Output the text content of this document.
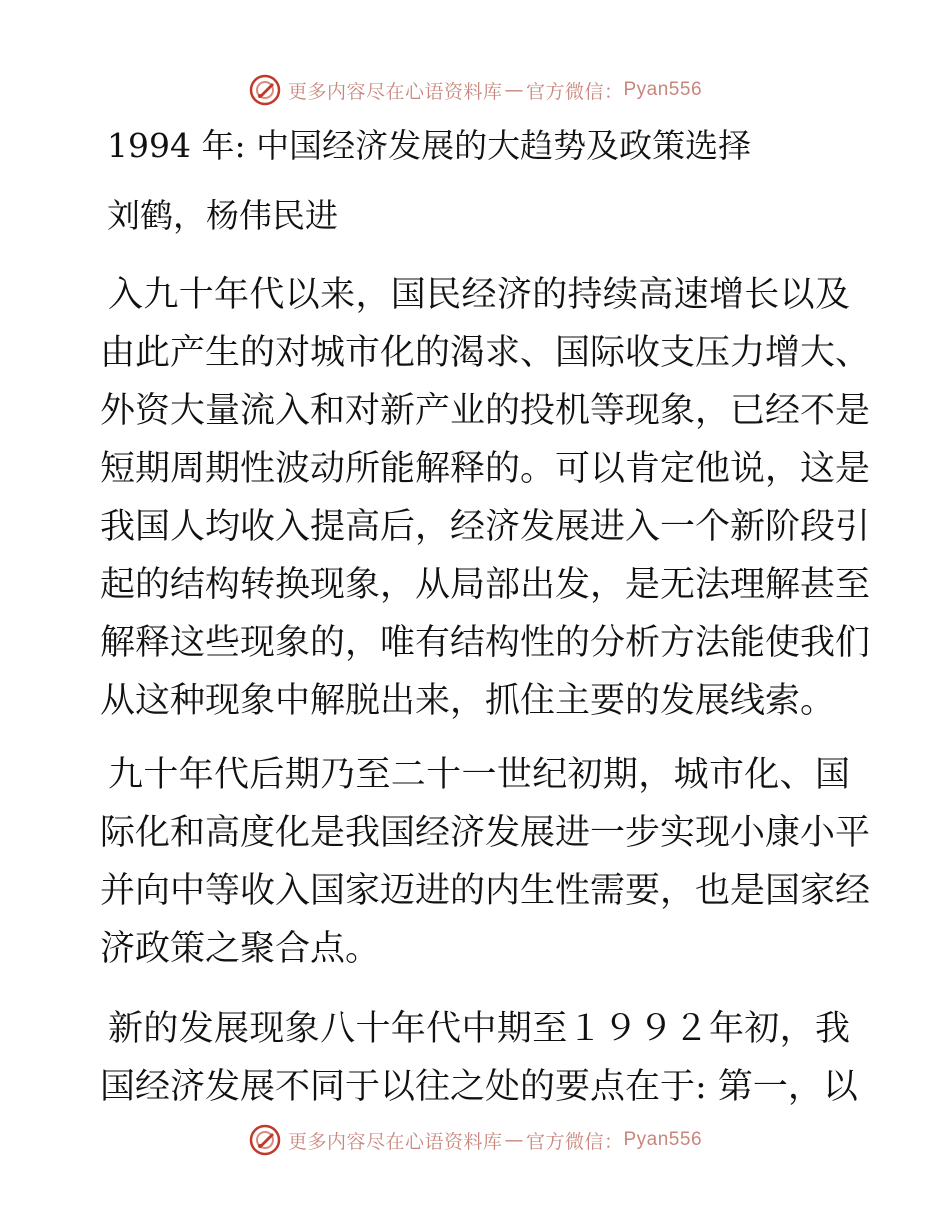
更多内容尽在心语资料库 — 官方微信： Pyan556
1994 年: 中国经济发展的大趋势及政策选择

刘鹤，杨伟民进

入九十年代以来，国民经济的持续高速增长以及
由此产生的对城市化的渴求、国际收支压力增大、
外资大量流入和对新产业的投机等现象，已经不是
短期周期性波动所能解释的。可以肯定他说，这是
我国人均收入提高后，经济发展进入一个新阶段引
起的结构转换现象，从局部出发，是无法理解甚至
解释这些现象的，唯有结构性的分析方法能使我们
从这种现象中解脱出来，抓住主要的发展线索。

九十年代后期乃至二十一世纪初期，城市化、国
际化和高度化是我国经济发展进一步实现小康小平
并向中等收入国家迈进的内生性需要，也是国家经
济政策之聚合点。

新的发展现象八十年代中期至１９９２年初，我
国经济发展不同于以往之处的要点在于: 第一，以

更多内容尽在心语资料库 — 官方微信： Pyan556
